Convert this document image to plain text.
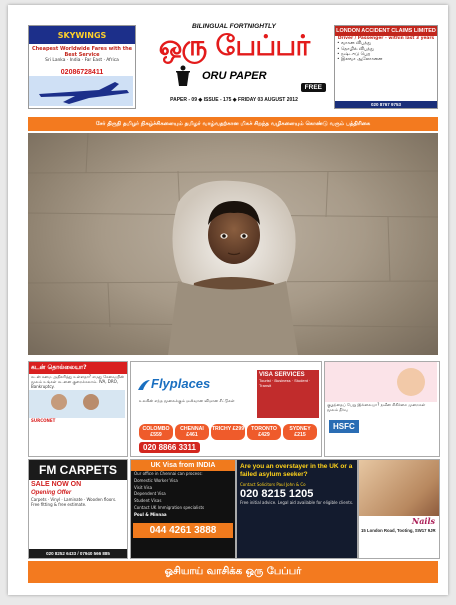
SKYWINGS
Cheapest Worldwide Fares with the Best Service
Sri Lanka · India · Far East · Africa
02086728411
BILINGUAL FORTNIGHTLY
ஒரு பேப்பர்
ORU PAPER
FREE
PAPER - 09 ◆ ISSUE - 175 ◆ FRIDAY 03 AUGUST 2012
LONDON ACCIDENT CLAIMS LIMITED
Driver / Passenger - within last 3 years
• வாகன விபத்து
• தொழில் விபத்து
• நஷ்டஈடு பெற
• இலவச ஆலோசனை
020 8767 9753
சேர் திருநி தமிழர் நிகழ்ச்சிகளையும் தமிழர் வாழ்வதற்கான மிகச் சிறந்த வழிகளையும் கொண்டு வரும் பத்திரிகை
கடன் தொல்லையா?
கடன் சுமை அதிகரித்து உள்ளதா? எமது சேவையின் மூலம் உங்கள் கடனை குறைக்கலாம். IVA, DRO, Bankruptcy.
SURCONET
Flyplaces
உலகின் எந்த மூலைக்கும் மலிவான விமான சீட்டுகள்
VISA SERVICES
Tourist · Business · Student · Transit
COLOMBO £559
CHENNAI £461
TRICHY £299	TORONTO £429
SYDNEY £215
020 8866 3311
குழந்தைப் பேறு இல்லையா? நவீன சிகிச்சை முறைகள் மூலம் தீர்வு
HSFC
FM CARPETS
SALE NOW ON
Opening Offer
Carpets · Vinyl · Laminate · Wooden floors. Free fitting & free estimate.
020 8252 6433 / 07940 566 885
UK Visa from INDIA
Our office in Chennai can process:
Domestic Worker Visa
Visit Visa
Dependent Visa
Student Visas
Contact UK Immigration specialists
Poul & Minnaa
044 4261 3888
Are you an overstayer in the UK or a failed asylum seeker?
Contact Solicitors Paul John & Co
020 8215 1205
Free initial advice. Legal aid available for eligible clients.
Nails
15 London Road, Tooting, SW17 9JR
ஓசியாய் வாசிக்க ஒரு பேப்பர்
